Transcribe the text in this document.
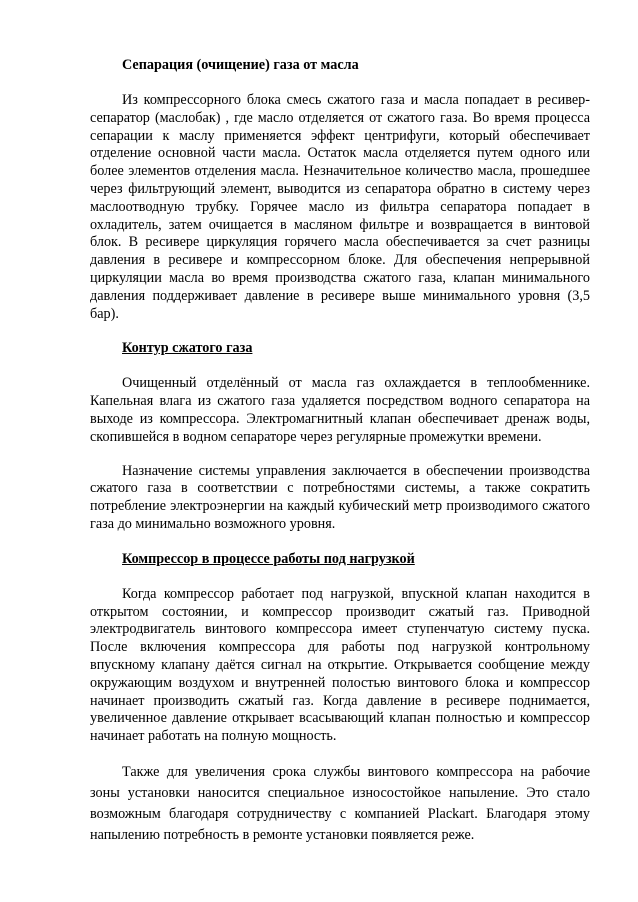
Сепарация (очищение) газа от масла

Из компрессорного блока смесь сжатого газа и масла попадает в ресивер-сепаратор (маслобак) , где масло отделяется от сжатого газа. Во время процесса сепарации к маслу применяется эффект центрифуги, который обеспечивает отделение основной части масла. Остаток масла отделяется путем одного или более элементов отделения масла. Незначительное количество масла, прошедшее через фильтрующий элемент, выводится из сепаратора обратно в систему через маслоотводную трубку. Горячее масло из фильтра сепаратора попадает в охладитель, затем очищается в масляном фильтре и возвращается в винтовой блок. В ресивере циркуляция горячего масла обеспечивается за счет разницы давления в ресивере и компрессорном блоке. Для обеспечения непрерывной циркуляции масла во время производства сжатого газа, клапан минимального давления поддерживает давление в ресивере выше минимального уровня (3,5 бар).

Контур сжатого газа

Очищенный отделённый от масла газ охлаждается в теплообменнике. Капельная влага из сжатого газа удаляется посредством водного сепаратора на выходе из компрессора. Электромагнитный клапан обеспечивает дренаж воды, скопившейся в водном сепараторе через регулярные промежутки времени.

Назначение системы управления заключается в обеспечении производства сжатого газа в соответствии с потребностями системы, а также сократить потребление электроэнергии на каждый кубический метр производимого сжатого газа до минимально возможного уровня.

Компрессор в процессе работы под нагрузкой

Когда компрессор работает под нагрузкой, впускной клапан находится в открытом состоянии, и компрессор производит сжатый газ. Приводной электродвигатель винтового компрессора имеет ступенчатую систему пуска. После включения компрессора для работы под нагрузкой контрольному впускному клапану даётся сигнал на открытие. Открывается сообщение между окружающим воздухом и внутренней полостью винтового блока и компрессор начинает производить сжатый газ. Когда давление в ресивере поднимается, увеличенное давление открывает всасывающий клапан полностью и компрессор начинает работать на полную мощность.

Также для увеличения срока службы винтового компрессора на рабочие зоны установки наносится специальное износостойкое напыление. Это стало возможным благодаря сотрудничеству с компанией Plackart. Благодаря этому напылению потребность в ремонте установки появляется реже.
